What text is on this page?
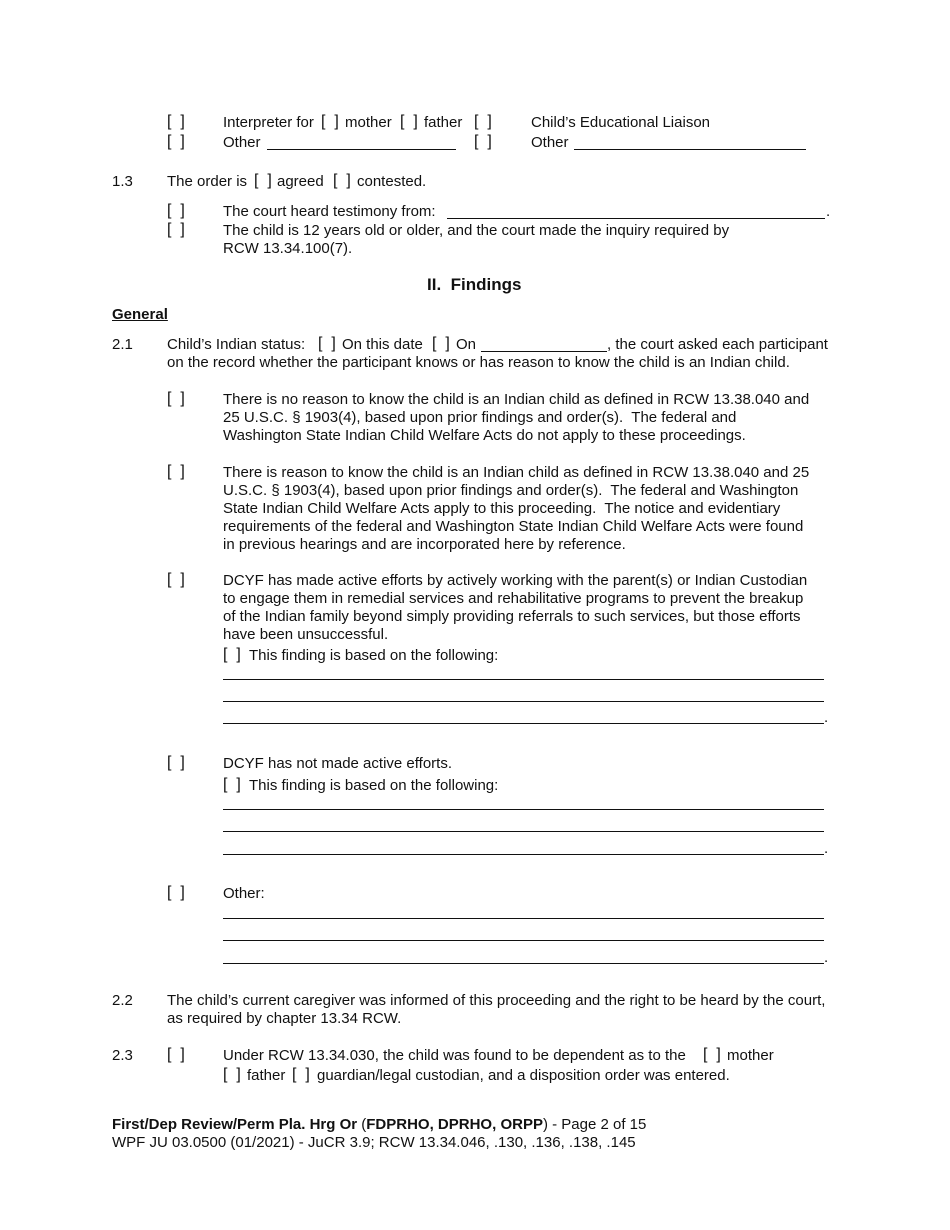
[  ]	Interpreter for [  ] mother [  ] father [  ]	Child’s Educational Liaison
[  ]	Other	[  ]	Other
1.3 The order is [  ] agreed [  ] contested.
[  ]	The court heard testimony from:	.
[  ]	The child is 12 years old or older, and the court made the inquiry required by
RCW 13.34.100(7).
II.  Findings
General
2.1 Child’s Indian status: [  ] On this date [  ] On	, the court asked each participant
on the record whether the participant knows or has reason to know the child is an Indian child.
[  ]	There is no reason to know the child is an Indian child as defined in RCW 13.38.040 and
25 U.S.C. § 1903(4), based upon prior findings and order(s).  The federal and
Washington State Indian Child Welfare Acts do not apply to these proceedings.
[  ]	There is reason to know the child is an Indian child as defined in RCW 13.38.040 and 25
U.S.C. § 1903(4), based upon prior findings and order(s).  The federal and Washington
State Indian Child Welfare Acts apply to this proceeding.  The notice and evidentiary
requirements of the federal and Washington State Indian Child Welfare Acts were found
in previous hearings and are incorporated here by reference.
[  ]	DCYF has made active efforts by actively working with the parent(s) or Indian Custodian
to engage them in remedial services and rehabilitative programs to prevent the breakup
of the Indian family beyond simply providing referrals to such services, but those efforts
have been unsuccessful.
[  ] This finding is based on the following:
.
[  ]	DCYF has not made active efforts.
[  ] This finding is based on the following:
.
[  ]	Other:
.
2.2 The child’s current caregiver was informed of this proceeding and the right to be heard by the court,
as required by chapter 13.34 RCW.
2.3 [  ]	Under RCW 13.34.030, the child was found to be dependent as to the [  ] mother
[  ] father [  ] guardian/legal custodian, and a disposition order was entered.
First/Dep Review/Perm Pla. Hrg Or (FDPRHO, DPRHO, ORPP) - Page 2 of 15
WPF JU 03.0500 (01/2021) - JuCR 3.9; RCW 13.34.046, .130, .136, .138, .145
